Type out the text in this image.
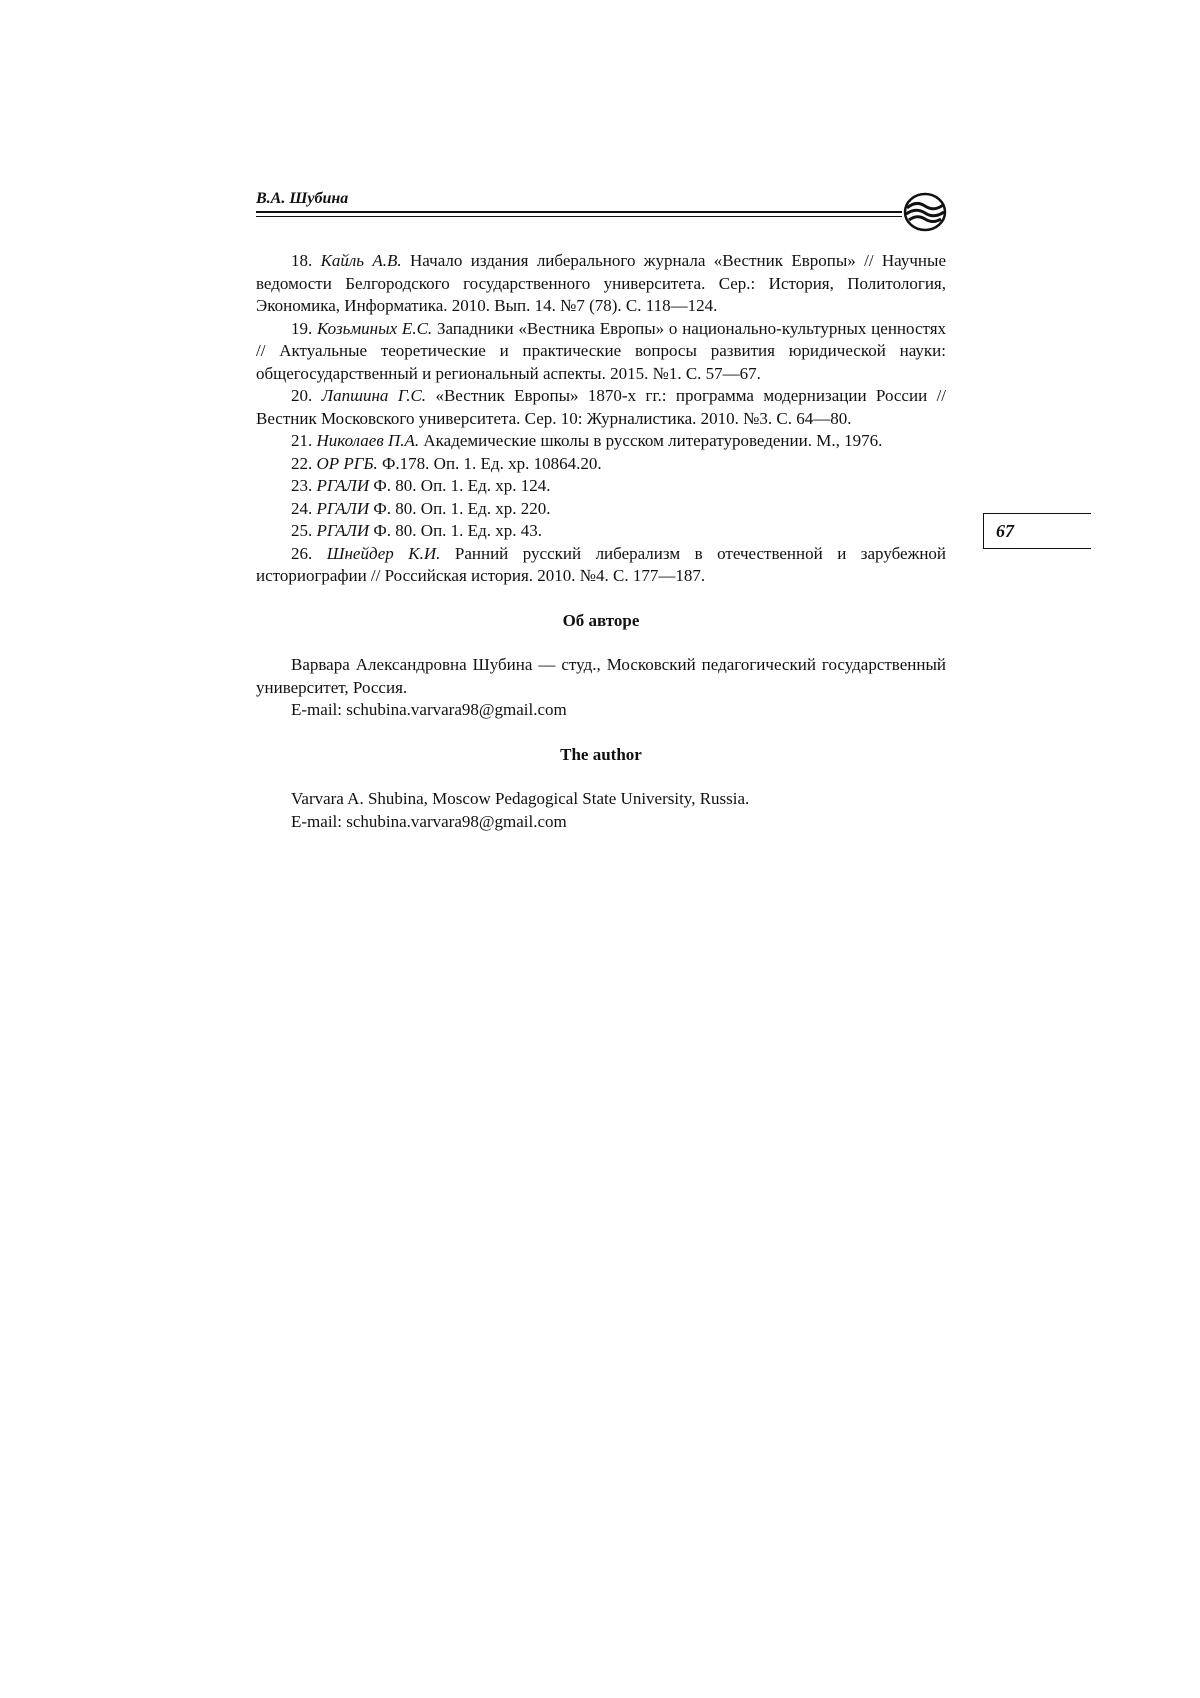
В.А. Шубина
67

18. Кайль А.В. Начало издания либерального журнала «Вестник Европы» // Научные ведомости Белгородского государственного университета. Сер.: История, Политология, Экономика, Информатика. 2010. Вып. 14. №7 (78). С. 118—124.

19. Козьминых Е.С. Западники «Вестника Европы» о национально-культурных ценностях // Актуальные теоретические и практические вопросы развития юридической науки: общегосударственный и региональный аспекты. 2015. №1. С. 57—67.

20. Лапшина Г.С. «Вестник Европы» 1870-х гг.: программа модернизации России // Вестник Московского университета. Сер. 10: Журналистика. 2010. №3. С. 64—80.

21. Николаев П.А. Академические школы в русском литературоведении. М., 1976.

22. ОР РГБ. Ф.178. Оп. 1. Ед. хр. 10864.20.

23. РГАЛИ Ф. 80. Оп. 1. Ед. хр. 124.

24. РГАЛИ Ф. 80. Оп. 1. Ед. хр. 220.

25. РГАЛИ Ф. 80. Оп. 1. Ед. хр. 43.

26. Шнейдер К.И. Ранний русский либерализм в отечественной и зарубежной историографии // Российская история. 2010. №4. С. 177—187.

Об авторе

Варвара Александровна Шубина — студ., Московский педагогический государственный университет, Россия.

E-mail: schubina.varvara98@gmail.com

The author

Varvara A. Shubina, Moscow Pedagogical State University, Russia.

E-mail: schubina.varvara98@gmail.com
